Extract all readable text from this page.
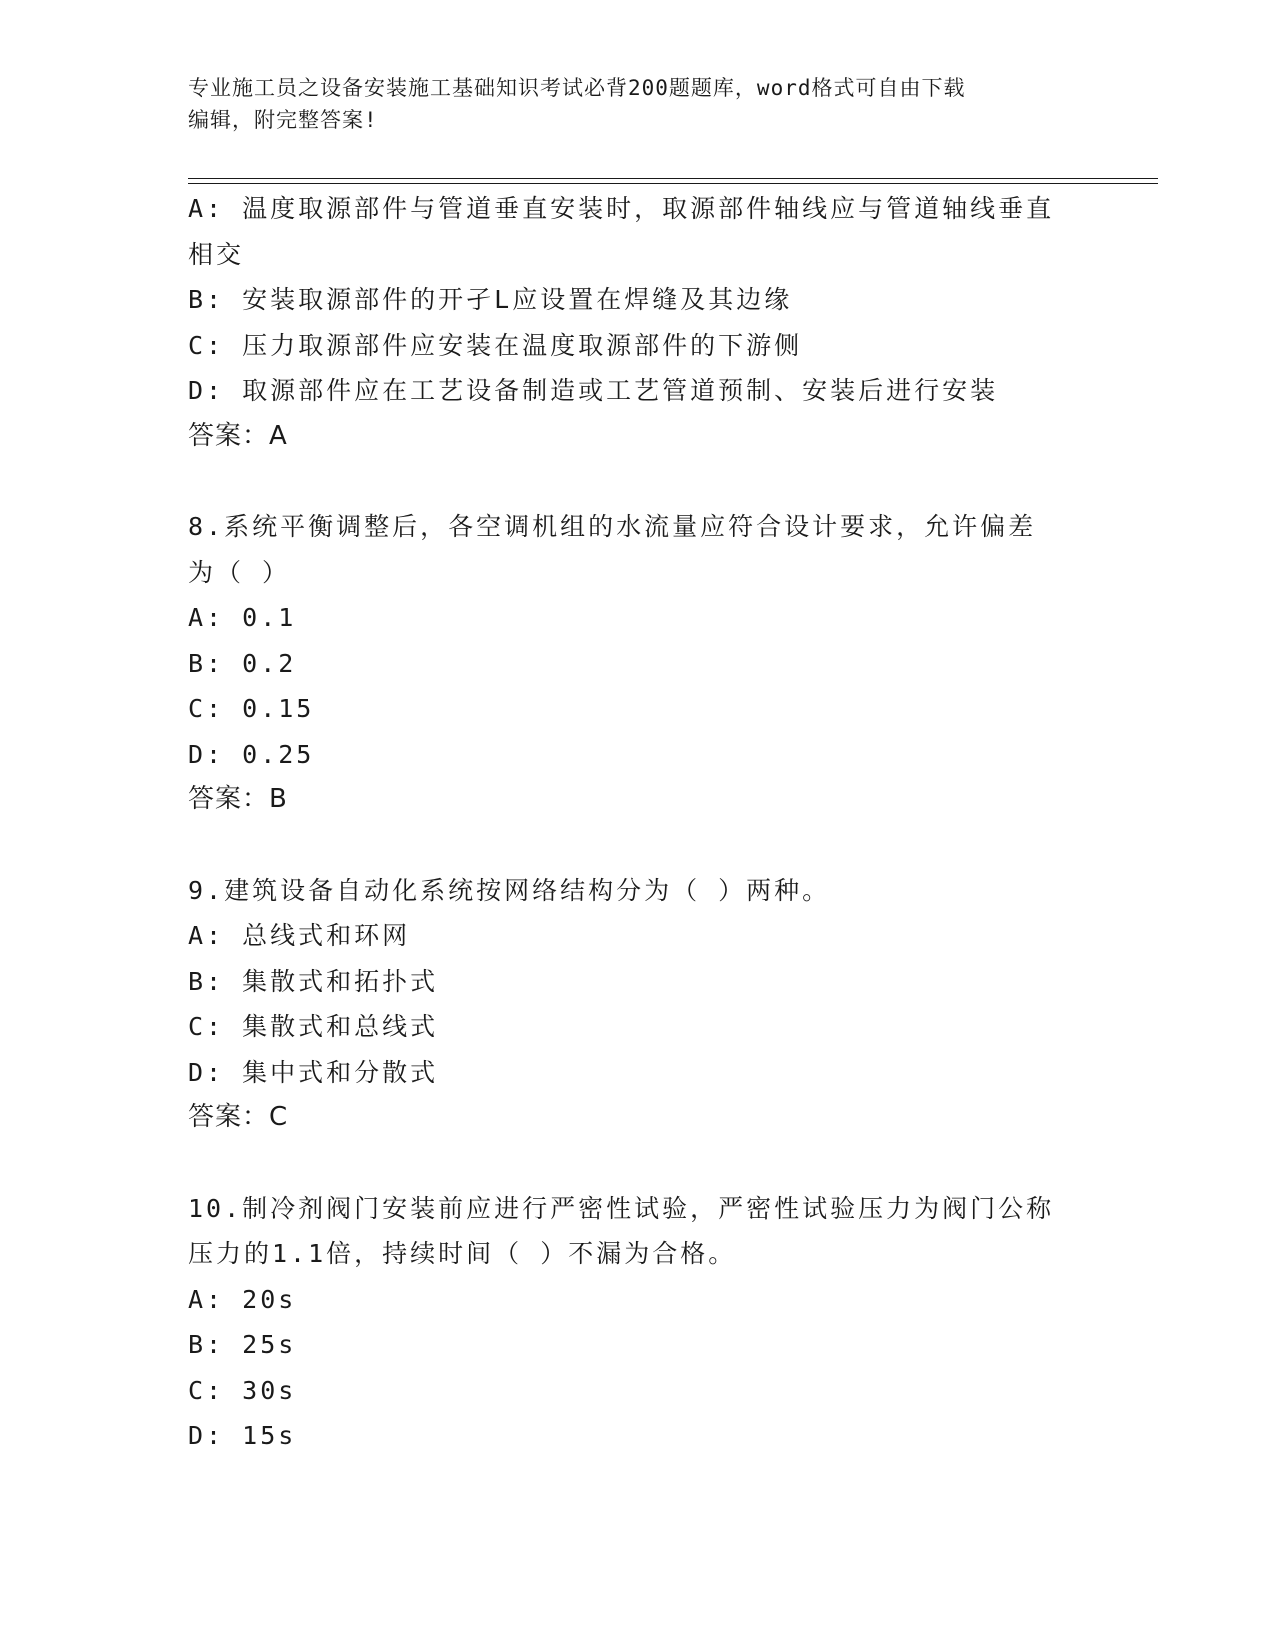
专业施工员之设备安装施工基础知识考试必背200题题库，word格式可自由下载
编辑，附完整答案!
A: 温度取源部件与管道垂直安装时，取源部件轴线应与管道轴线垂直
相交
B: 安装取源部件的开孑L应设置在焊缝及其边缘
C: 压力取源部件应安装在温度取源部件的下游侧
D: 取源部件应在工艺设备制造或工艺管道预制、安装后进行安装
答案：A
8.系统平衡调整后，各空调机组的水流量应符合设计要求，允许偏差
为（ ）
A: 0.1
B: 0.2
C: 0.15
D: 0.25
答案：B
9.建筑设备自动化系统按网络结构分为（ ）两种。
A: 总线式和环网
B: 集散式和拓扑式
C: 集散式和总线式
D: 集中式和分散式
答案：C
10.制冷剂阀门安装前应进行严密性试验，严密性试验压力为阀门公称
压力的1.1倍，持续时间（ ）不漏为合格。
A: 20s
B: 25s
C: 30s
D: 15s
